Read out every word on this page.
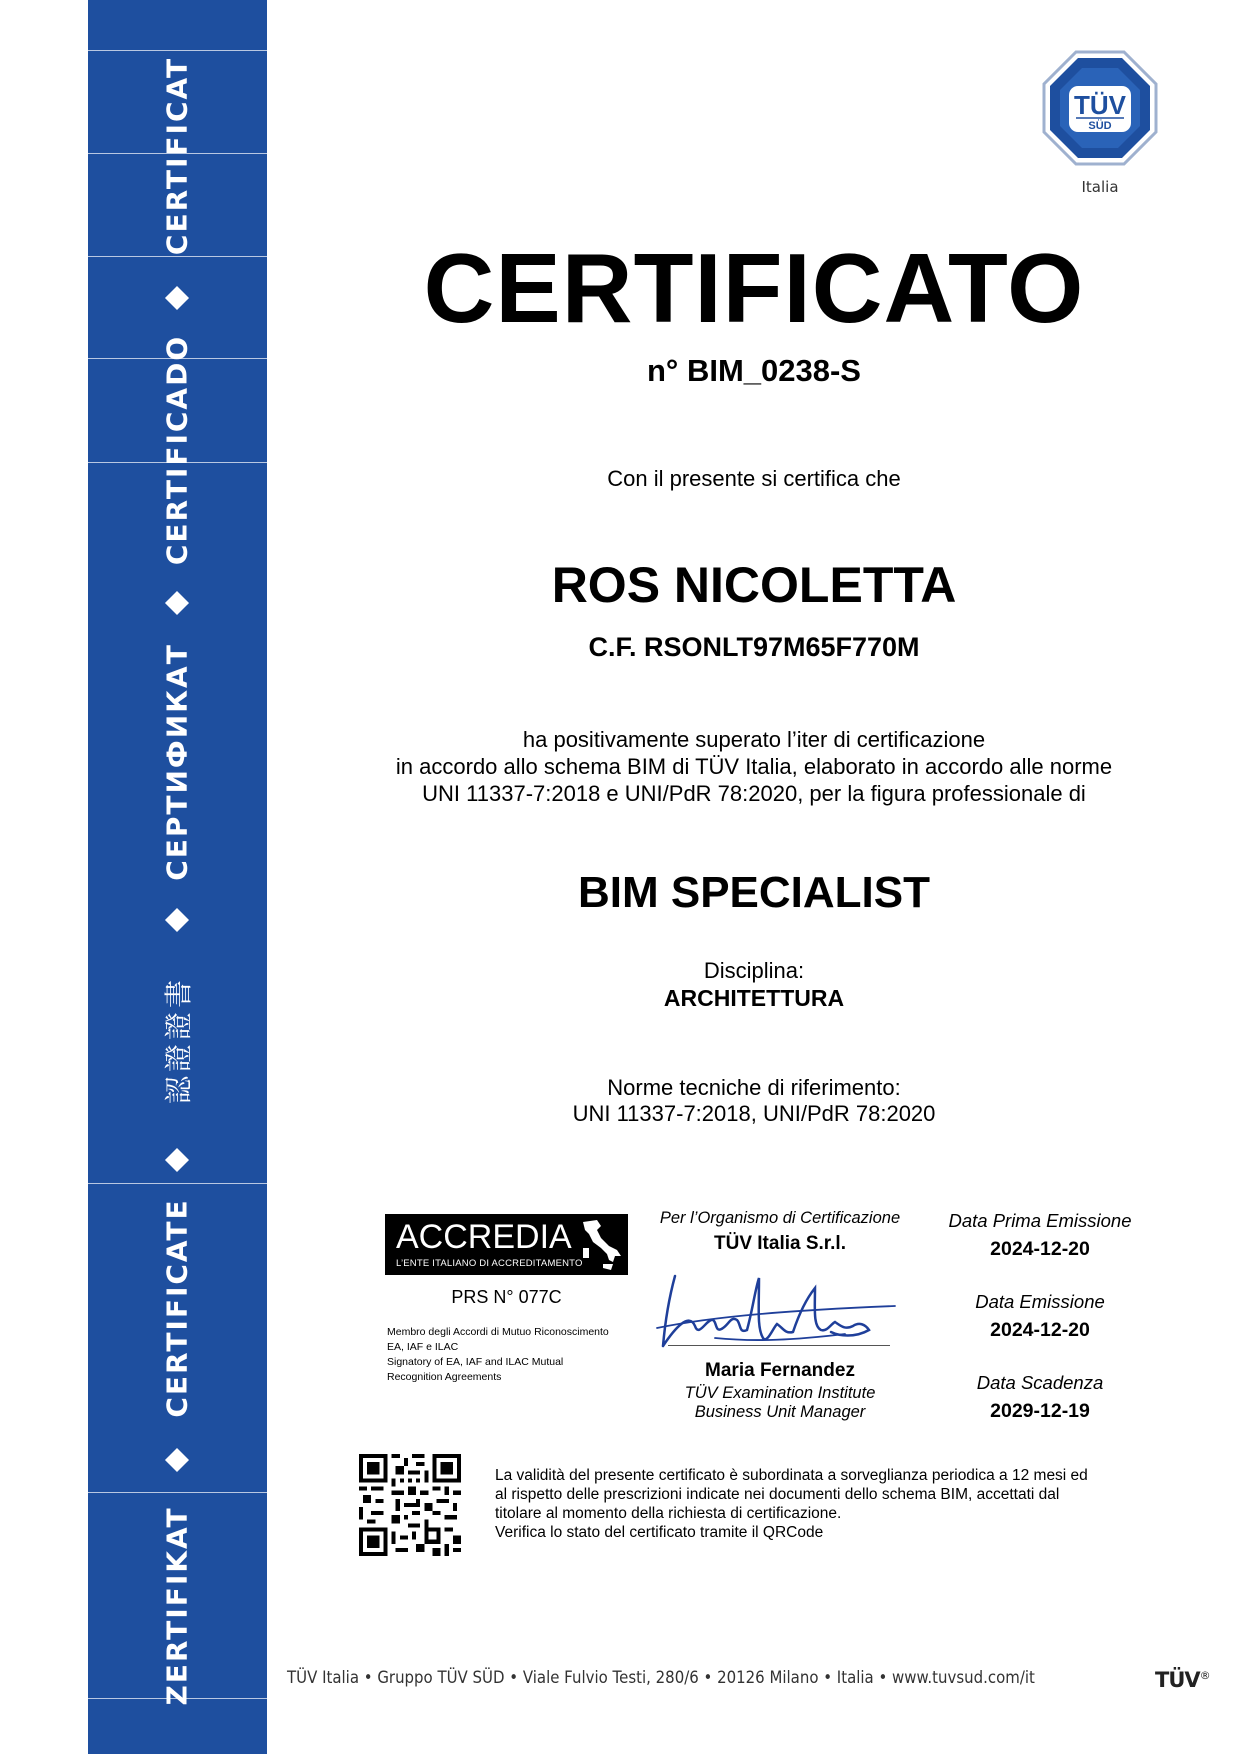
CERTIFICAT
CERTIFICADO
СЕРТИФИКАТ
認證證書
CERTIFICATE
ZERTIFIKAT
TÜV
SÜD
Italia
CERTIFICATO
n° BIM_0238-S
Con il presente si certifica che
ROS NICOLETTA
C.F. RSONLT97M65F770M
ha positivamente superato l’iter di certificazione
in accordo allo schema BIM di TÜV Italia, elaborato in accordo alle norme
UNI 11337-7:2018 e UNI/PdR 78:2020, per la figura professionale di
BIM SPECIALIST
Disciplina:
ARCHITETTURA
Norme tecniche di riferimento:
UNI 11337-7:2018, UNI/PdR 78:2020
ACCREDIA
L’ENTE ITALIANO DI ACCREDITAMENTO
PRS N° 077C
Membro degli Accordi di Mutuo Riconoscimento
EA, IAF e ILAC
Signatory of EA, IAF and ILAC Mutual
Recognition Agreements
Per l’Organismo di Certificazione
TÜV Italia S.r.l.
Maria Fernandez
TÜV Examination Institute
Business Unit Manager
Data Prima Emissione
2024-12-20
Data Emissione
2024-12-20
Data Scadenza
2029-12-19
La validità del presente certificato è subordinata a sorveglianza periodica a 12 mesi ed
al rispetto delle prescrizioni indicate nei documenti dello schema BIM, accettati dal
titolare al momento della richiesta di certificazione.
Verifica lo stato del certificato tramite il QRCode
TÜV Italia • Gruppo TÜV SÜD • Viale Fulvio Testi, 280/6 • 20126 Milano • Italia • www.tuvsud.com/it	TÜV®
